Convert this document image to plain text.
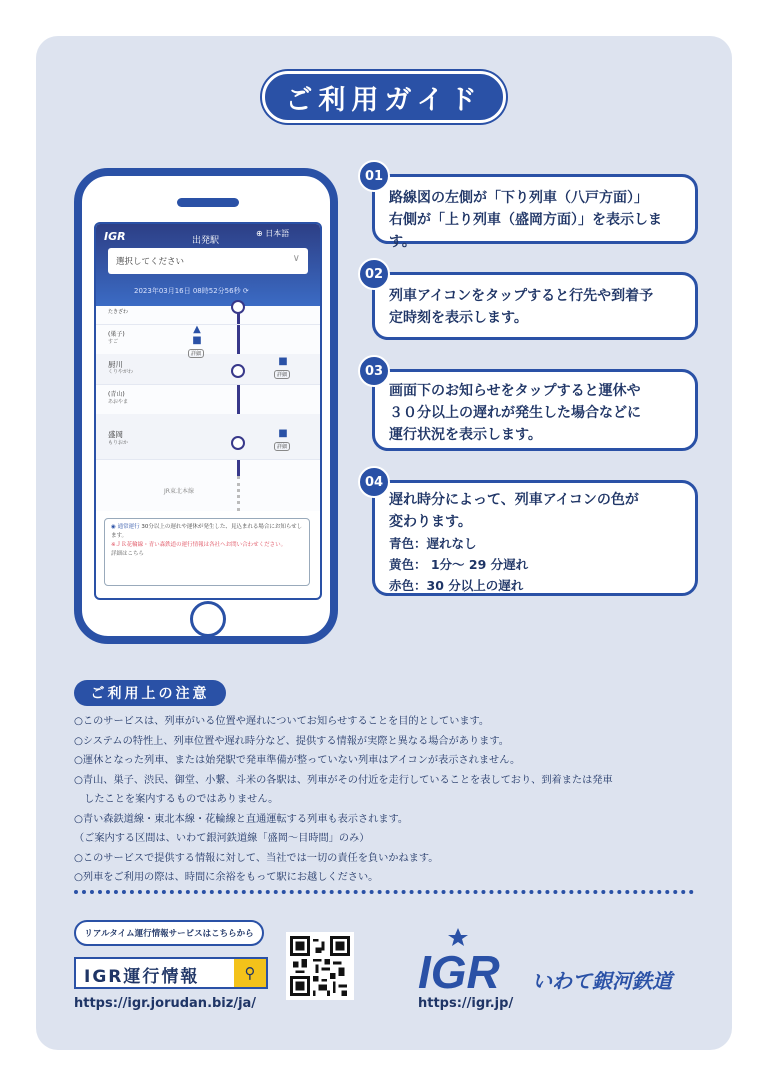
ご利用ガイド
IGR	出発駅
⊕ 日本語
選択してください	∨
2023年03月16日 08時52分56秒 ⟳
たきざわ
(巣子)
すご
厨川
くりやがわ
(青山)
あおやま
盛岡
もりおか
▲
■
詳細
■
詳細
■
詳細
JR東北本線
◉ 通常運行 30分以上の遅れや運休が発生した、見込まれる場合にお知らせします。
※ＪＲ花輪線・青い森鉄道の運行情報は各社へお問い合わせください。
詳細はこちら
路線図の左側が「下り列車（八戸方面）」
右側が「上り列車（盛岡方面）」を表示します。
01
列車アイコンをタップすると行先や到着予
定時刻を表示します。
02
画面下のお知らせをタップすると運休や
３０分以上の遅れが発生した場合などに
運行状況を表示します。
03
遅れ時分によって、列車アイコンの色が
変わります。
青色：遅れなし
黄色： 1分～ 29 分遅れ
赤色：30 分以上の遅れ
04
ご利用上の注意
○このサービスは、列車がいる位置や遅れについてお知らせすることを目的としています。
○システムの特性上、列車位置や遅れ時分など、提供する情報が実際と異なる場合があります。
○運休となった列車、または始発駅で発車準備が整っていない列車はアイコンが表示されません。
○青山、巣子、渋民、御堂、小繋、斗米の各駅は、列車がその付近を走行していることを表しており、到着または発車
　したことを案内するものではありません。
○青い森鉄道線・東北本線・花輪線と直通運転する列車も表示されます。
（ご案内する区間は、いわて銀河鉄道線「盛岡～目時間」のみ）
○このサービスで提供する情報に対して、当社では一切の責任を負いかねます。
○列車をご利用の際は、時間に余裕をもって駅にお越しください。
リアルタイム運行情報サービスはこちらから
IGR運行情報	⚲
https://igr.jorudan.biz/ja/
IGR いわて銀河鉄道
https://igr.jp/
